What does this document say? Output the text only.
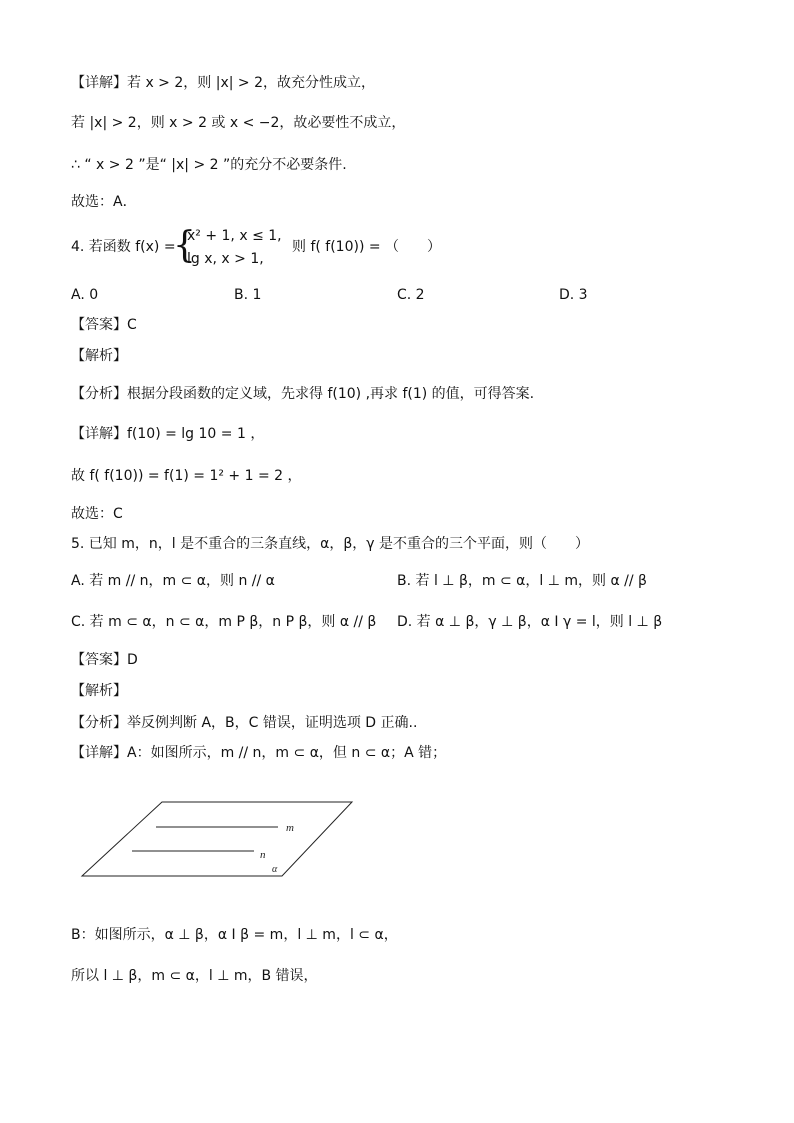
【详解】若 x > 2，则 |x| > 2，故充分性成立，
若 |x| > 2，则 x > 2 或 x < −2，故必要性不成立，
∴ “ x > 2 ”是“ |x| > 2 ”的充分不必要条件.
故选：A．
4. 若函数 f(x) =
{
x² + 1, x ≤ 1,
lg x, x > 1,
则 f( f(10)) = （　　）
A. 0	B. 1	C. 2	D. 3
【答案】C
【解析】
【分析】根据分段函数的定义域，先求得 f(10) ,再求 f(1) 的值，可得答案.
【详解】f(10) = lg 10 = 1 ，
故 f( f(10)) = f(1) = 1² + 1 = 2 ，
故选：C
5. 已知 m，n，l 是不重合的三条直线，α，β，γ 是不重合的三个平面，则（　　）
A. 若 m // n，m ⊂ α，则 n // α	B. 若 l ⊥ β，m ⊂ α，l ⊥ m，则 α // β
C. 若 m ⊂ α，n ⊂ α，m P β，n P β，则 α // β D. 若 α ⊥ β，γ ⊥ β，α I γ = l，则 l ⊥ β
【答案】D
【解析】
【分析】举反例判断 A，B，C 错误，证明选项 D 正确..
【详解】A：如图所示，m // n，m ⊂ α，但 n ⊂ α；A 错；
m
n
α
B：如图所示，α ⊥ β，α I β = m，l ⊥ m，l ⊂ α，
所以 l ⊥ β，m ⊂ α，l ⊥ m，B 错误，
